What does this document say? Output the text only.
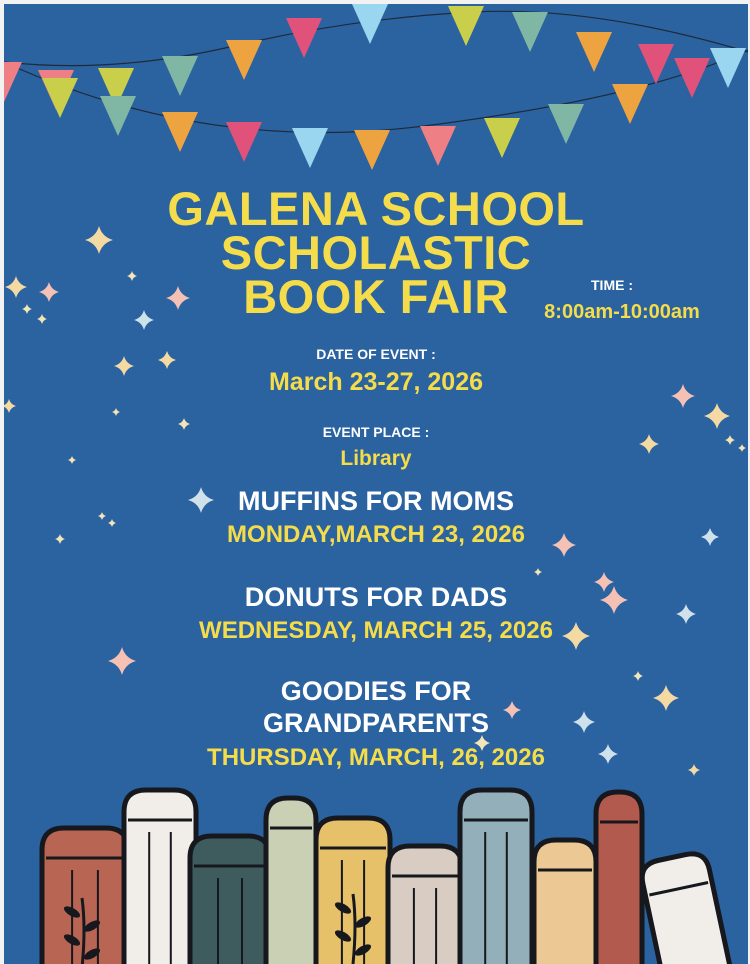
GALENA SCHOOL

SCHOLASTIC

BOOK FAIR	TIME :

8:00am-10:00am

DATE OF EVENT :

March 23-27, 2026

EVENT PLACE :

Library

MUFFINS FOR MOMS

MONDAY,MARCH 23, 2026

DONUTS FOR DADS

WEDNESDAY, MARCH 25, 2026

GOODIES FOR

GRANDPARENTS

THURSDAY, MARCH, 26, 2026
